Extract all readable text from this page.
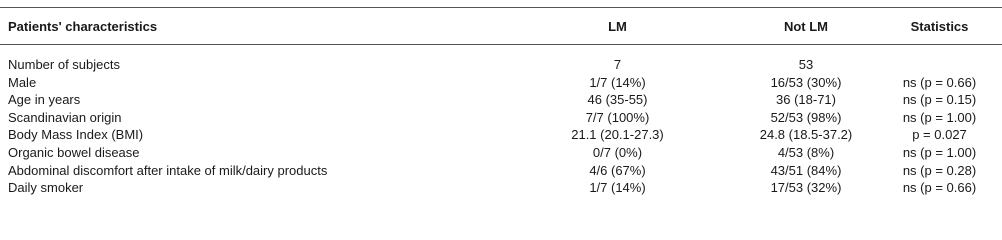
Patients' characteristics	LM	Not LM	Statistics

Number of subjects	7	53	
Male	1/7 (14%)	16/53 (30%)	ns (p = 0.66)
Age in years	46 (35-55)	36 (18-71)	ns (p = 0.15)
Scandinavian origin	7/7 (100%)	52/53 (98%)	ns (p = 1.00)
Body Mass Index (BMI)	21.1 (20.1-27.3)	24.8 (18.5-37.2)	p = 0.027
Organic bowel disease	0/7 (0%)	4/53 (8%)	ns (p = 1.00)
Abdominal discomfort after intake of milk/dairy products	4/6 (67%)	43/51 (84%)	ns (p = 0.28)
Daily smoker	1/7 (14%)	17/53 (32%)	ns (p = 0.66)
